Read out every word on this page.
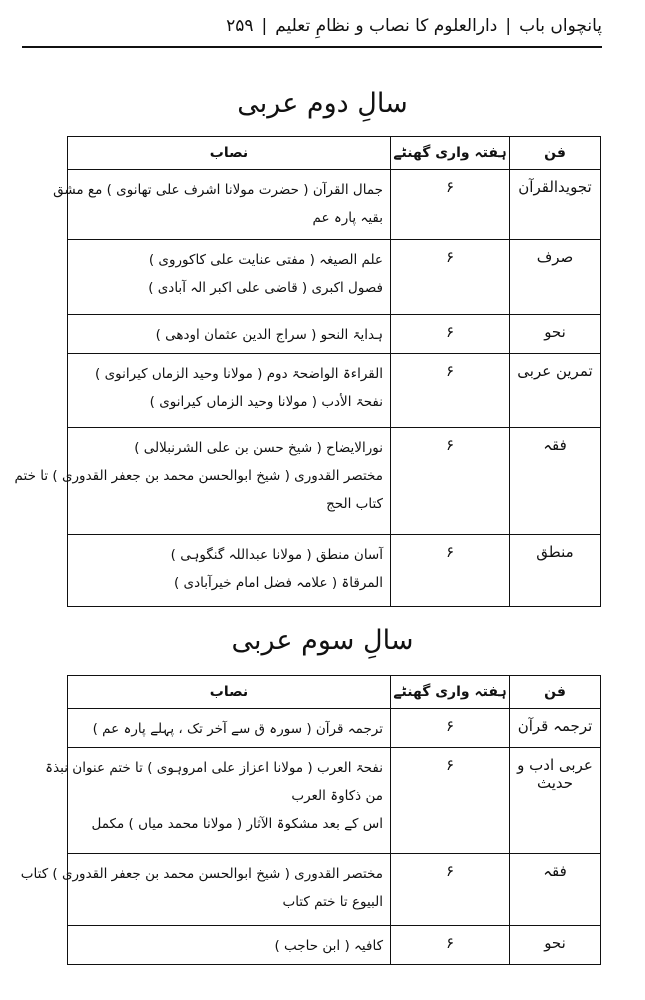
پانچواں باب
|
دارالعلوم کا نصاب و نظامِ تعلیم
|
۲۵۹
سالِ دوم عربی
فن	ہفتہ واری گھنٹے	نصاب
تجویدالقرآن	۶	جمال القرآن ( حضرت مولانا اشرف علی تھانوی ) مع مشق
بقیہ پارہ عم

صرف	۶	علم الصیغہ ( مفتی عنایت علی کاکوروی )
فصول اکبری ( قاضی علی اکبر الہ آبادی )

نحو	۶	ہدایۃ النحو ( سراج الدین عثمان اودھی )

تمرین عربی	۶	القراءۃ الواضحۃ دوم ( مولانا وحید الزماں کیرانوی )
نفحۃ الأدب ( مولانا وحید الزماں کیرانوی )

فقہ	۶	نورالایضاح ( شیخ حسن بن علی الشرنبلالی )
مختصر القدوری ( شیخ ابوالحسن محمد بن جعفر القدوری ) تا ختم
کتاب الحج

منطق	۶	آسان منطق ( مولانا عبداللہ گنگوہی )
المرقاۃ ( علامہ فضل امام خیرآبادی )
سالِ سوم عربی
فن	ہفتہ واری گھنٹے	نصاب
ترجمہ قرآن	۶	ترجمہ قرآن ( سورہ ق سے آخر تک ، پہلے پارہ عم )

عربی ادب و حدیث	۶	نفحۃ العرب ( مولانا اعزاز علی امروہوی ) تا ختم عنوان نبذۃ
من ذکاوۃ العرب
اس کے بعد مشکوۃ الآثار ( مولانا محمد میاں ) مکمل

فقہ	۶	مختصر القدوری ( شیخ ابوالحسن محمد بن جعفر القدوری ) کتاب
البیوع تا ختم کتاب

نحو	۶	کافیہ ( ابن حاجب )
